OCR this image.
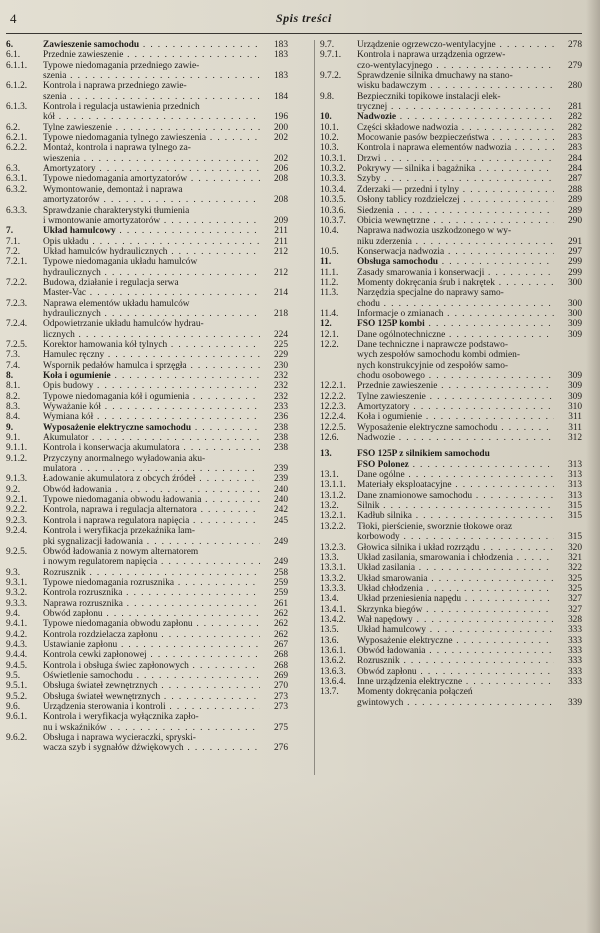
4	Spis treści
6.	Zawieszenie samochodu . . .	183
6.1.	Przednie zawieszenie . . .	183
6.1.1.	Typowe niedomagania przedniego zawie-
szenia . . .	183
6.1.2.	Kontrola i naprawa przedniego zawie-
szenia . . .	184
6.1.3.	Kontrola i regulacja ustawienia przednich
kół . . .	196
6.2.	Tylne zawieszenie . . .	200
6.2.1.	Typowe niedomagania tylnego zawieszenia . . .	202
6.2.2.	Montaż, kontrola i naprawa tylnego za-
wieszenia . . .	202
6.3.	Amortyzatory . . .	206
6.3.1.	Typowe niedomagania amortyzatorów . . .	208
6.3.2.	Wymontowanie, demontaż i naprawa
amortyzatorów . . .	208
6.3.3.	Sprawdzanie charakterystyki tłumienia
i wmontowanie amortyzatorów . . .	209
7.	Układ hamulcowy . . .	211
7.1.	Opis układu . . .	211
7.2.	Układ hamulców hydraulicznych . . .	212
7.2.1.	Typowe niedomagania układu hamulców
hydraulicznych . . .	212
7.2.2.	Budowa, działanie i regulacja serwa
Master-Vac . . .	214
7.2.3.	Naprawa elementów układu hamulców
hydraulicznych . . .	218
7.2.4.	Odpowietrzanie układu hamulców hydrau-
licznych . . .	224
7.2.5.	Korektor hamowania kół tylnych . . .	225
7.3.	Hamulec ręczny . . .	229
7.4.	Wspornik pedałów hamulca i sprzęgła . . .	230
8.	Koła i ogumienie . . .	232
8.1.	Opis budowy . . .	232
8.2.	Typowe niedomagania kół i ogumienia . . .	232
8.3.	Wyważanie kół . . .	233
8.4.	Wymiana kół . . .	236
9.	Wyposażenie elektryczne samochodu . . .	238
9.1.	Akumulator . . .	238
9.1.1.	Kontrola i konserwacja akumulatora . . .	238
9.1.2.	Przyczyny anormalnego wyładowania aku-
mulatora . . .	239
9.1.3.	Ładowanie akumulatora z obcych źródeł . . .	239
9.2.	Obwód ładowania . . .	240
9.2.1.	Typowe niedomagania obwodu ładowania . . .	240
9.2.2.	Kontrola, naprawa i regulacja alternatora . . .	242
9.2.3.	Kontrola i naprawa regulatora napięcia . . .	245
9.2.4.	Kontrola i weryfikacja przekaźnika lam-
pki sygnalizacji ładowania . . .	249
9.2.5.	Obwód ładowania z nowym alternatorem
i nowym regulatorem napięcia . . .	249
9.3.	Rozrusznik . . .	258
9.3.1.	Typowe niedomagania rozrusznika . . .	259
9.3.2.	Kontrola rozrusznika . . .	259
9.3.3.	Naprawa rozrusznika . . .	261
9.4.	Obwód zapłonu . . .	262
9.4.1.	Typowe niedomagania obwodu zapłonu . . .	262
9.4.2.	Kontrola rozdzielacza zapłonu . . .	262
9.4.3.	Ustawianie zapłonu . . .	267
9.4.4.	Kontrola cewki zapłonowej . . .	268
9.4.5.	Kontrola i obsługa świec zapłonowych . . .	268
9.5.	Oświetlenie samochodu . . .	269
9.5.1.	Obsługa świateł zewnętrznych . . .	270
9.5.2.	Obsługa świateł wewnętrznych . . .	273
9.6.	Urządzenia sterowania i kontroli . . .	273
9.6.1.	Kontrola i weryfikacja wyłącznika zapło-
nu i wskaźników . . .	275
9.6.2.	Obsługa i naprawa wycieraczki, spryski-
wacza szyb i sygnałów dźwiękowych . . .	276
9.7.	Urządzenie ogrzewczo-wentylacyjne . . .	278
9.7.1.	Kontrola i naprawa urządzenia ogrzew-
czo-wentylacyjnego . . .	279
9.7.2.	Sprawdzenie silnika dmuchawy na stano-
wisku badawczym . . .	280
9.8.	Bezpieczniki topikowe instalacji elek-
trycznej . . .	281
10.	Nadwozie . . .	282
10.1.	Części składowe nadwozia . . .	282
10.2.	Mocowanie pasów bezpieczeństwa . . .	283
10.3.	Kontrola i naprawa elementów nadwozia . . .	283
10.3.1.	Drzwi . . .	284
10.3.2.	Pokrywy — silnika i bagażnika . . .	284
10.3.3.	Szyby . . .	287
10.3.4.	Zderzaki — przedni i tylny . . .	288
10.3.5.	Osłony tablicy rozdzielczej . . .	289
10.3.6.	Siedzenia . . .	289
10.3.7.	Obicia wewnętrzne . . .	290
10.4.	Naprawa nadwozia uszkodzonego w wy-
niku zderzenia . . .	291
10.5.	Konserwacja nadwozia . . .	297
11.	Obsługa samochodu . . .	299
11.1.	Zasady smarowania i konserwacji . . .	299
11.2.	Momenty dokręcania śrub i nakrętek . . .	300
11.3.	Narzędzia specjalne do naprawy samo-
chodu . . .	300
11.4.	Informacje o zmianach . . .	300
12.	FSO 125P kombi . . .	309
12.1.	Dane ogólnotechniczne . . .	309
12.2.	Dane techniczne i naprawcze podstawo-
wych zespołów samochodu kombi odmien-
nych konstrukcyjnie od zespołów samo-
chodu osobowego . . .	309
12.2.1.	Przednie zawieszenie . . .	309
12.2.2.	Tylne zawieszenie . . .	309
12.2.3.	Amortyzatory . . .	310
12.2.4.	Koła i ogumienie . . .	311
12.2.5.	Wyposażenie elektryczne samochodu . . .	311
12.6.	Nadwozie . . .	312
13.	FSO 125P z silnikiem samochodu
FSO Polonez . . .	313
13.1.	Dane ogólne . . .	313
13.1.1.	Materiały eksploatacyjne . . .	313
13.1.2.	Dane znamionowe samochodu . . .	313
13.2.	Silnik . . .	315
13.2.1.	Kadłub silnika . . .	315
13.2.2.	Tłoki, pierścienie, sworznie tłokowe oraz
korbowody . . .	315
13.2.3.	Głowica silnika i układ rozrządu . . .	320
13.3.	Układ zasilania, smarowania i chłodzenia . . .	321
13.3.1.	Układ zasilania . . .	322
13.3.2.	Układ smarowania . . .	325
13.3.3.	Układ chłodzenia . . .	325
13.4.	Układ przeniesienia napędu . . .	327
13.4.1.	Skrzynka biegów . . .	327
13.4.2.	Wał napędowy . . .	328
13.5.	Układ hamulcowy . . .	333
13.6.	Wyposażenie elektryczne . . .	333
13.6.1.	Obwód ładowania . . .	333
13.6.2.	Rozrusznik . . .	333
13.6.3.	Obwód zapłonu . . .	333
13.6.4.	Inne urządzenia elektryczne . . .	333
13.7.	Momenty dokręcania połączeń
gwintowych . . .	339
